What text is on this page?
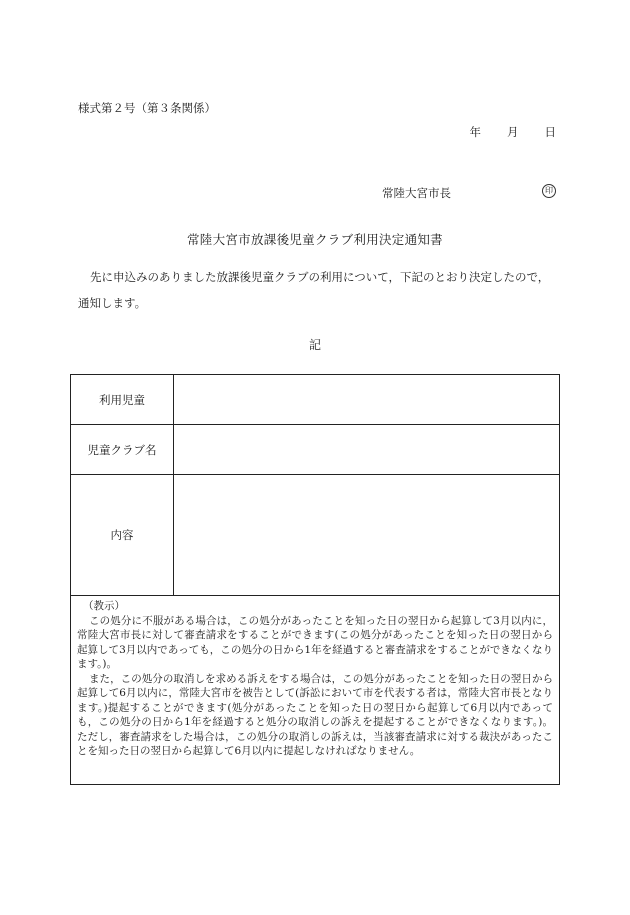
様式第２号（第３条関係）
年 月 日
常陸大宮市長	印
常陸大宮市放課後児童クラブ利用決定通知書
先に申込みのありました放課後児童クラブの利用について，下記のとおり決定したので，通知します。
記
利用児童
児童クラブ名
内容
（教示）

この処分に不服がある場合は，この処分があったことを知った日の翌日から起算して3月以内に，常陸大宮市長に対して審査請求をすることができます(この処分があったことを知った日の翌日から起算して3月以内であっても，この処分の日から1年を経過すると審査請求をすることができなくなります。)。

また，この処分の取消しを求める訴えをする場合は，この処分があったことを知った日の翌日から起算して6月以内に，常陸大宮市を被告として(訴訟において市を代表する者は，常陸大宮市長となります。)提起することができます(処分があったことを知った日の翌日から起算して6月以内であっても，この処分の日から1年を経過すると処分の取消しの訴えを提起することができなくなります。)。ただし，審査請求をした場合は，この処分の取消しの訴えは，当該審査請求に対する裁決があったことを知った日の翌日から起算して6月以内に提起しなければなりません。
